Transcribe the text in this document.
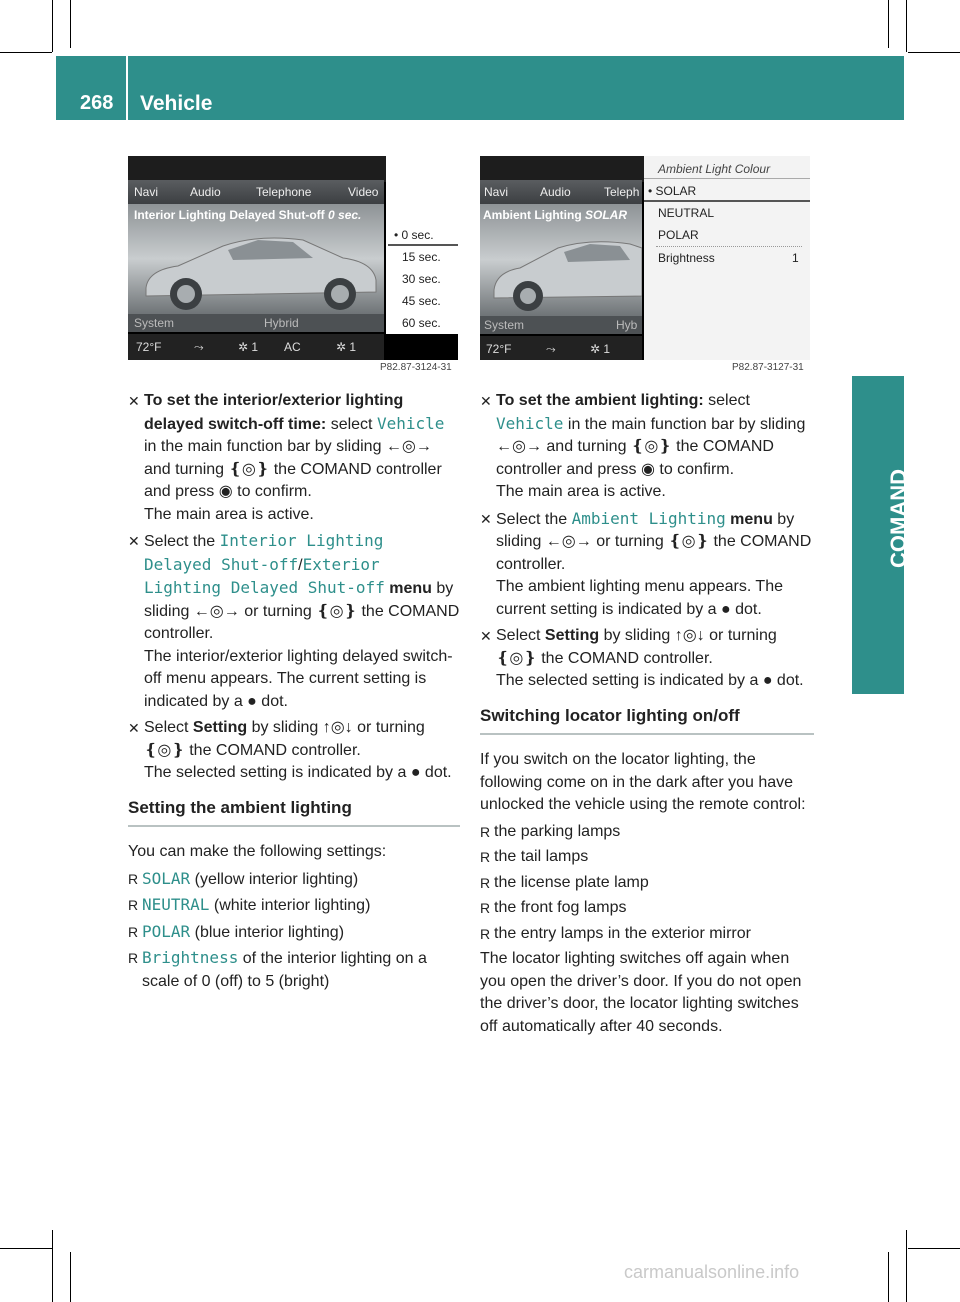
268 Vehicle
COMAND
Navi	Audio	Telephone	Video
Interior Lighting Delayed Shut-off 0 sec.
System	Hybrid
72°F	⤳	✲ 1 AC	✲ 1
• 0 sec.
15 sec.
30 sec.
45 sec.
60 sec.
P82.87-3124-31
Navi	Audio	Teleph
Ambient Lighting SOLAR
System	Hyb
72°F	⤳	✲ 1
Ambient Light Colour
• SOLAR
NEUTRAL
POLAR
Brightness	1
P82.87-3127-31
✕ To set the interior/exterior lighting delayed switch-off time: select Vehicle in the main function bar by sliding ←◎→ and turning ❴◎❵ the COMAND controller and press ◉ to confirm.
The main area is active.
✕ Select the Interior Lighting Delayed Shut-off/Exterior Lighting Delayed Shut-off menu by sliding ←◎→ or turning ❴◎❵ the COMAND controller.
The interior/exterior lighting delayed switch-off menu appears. The current setting is indicated by a ● dot.
✕ Select Setting by sliding ↑◎↓ or turning ❴◎❵ the COMAND controller.
The selected setting is indicated by a ● dot.
Setting the ambient lighting
You can make the following settings:
R SOLAR (yellow interior lighting)
R NEUTRAL (white interior lighting)
R POLAR (blue interior lighting)
R Brightness of the interior lighting on a scale of 0 (off) to 5 (bright)
✕ To set the ambient lighting: select Vehicle in the main function bar by sliding ←◎→ and turning ❴◎❵ the COMAND controller and press ◉ to confirm.
The main area is active.
✕ Select the Ambient Lighting menu by sliding ←◎→ or turning ❴◎❵ the COMAND controller.
The ambient lighting menu appears. The current setting is indicated by a ● dot.
✕ Select Setting by sliding ↑◎↓ or turning ❴◎❵ the COMAND controller.
The selected setting is indicated by a ● dot.
Switching locator lighting on/off
If you switch on the locator lighting, the following come on in the dark after you have unlocked the vehicle using the remote control:
R the parking lamps
R the tail lamps
R the license plate lamp
R the front fog lamps
R the entry lamps in the exterior mirror
The locator lighting switches off again when you open the driver’s door. If you do not open the driver’s door, the locator lighting switches off automatically after 40 seconds.
carmanualsonline.info
